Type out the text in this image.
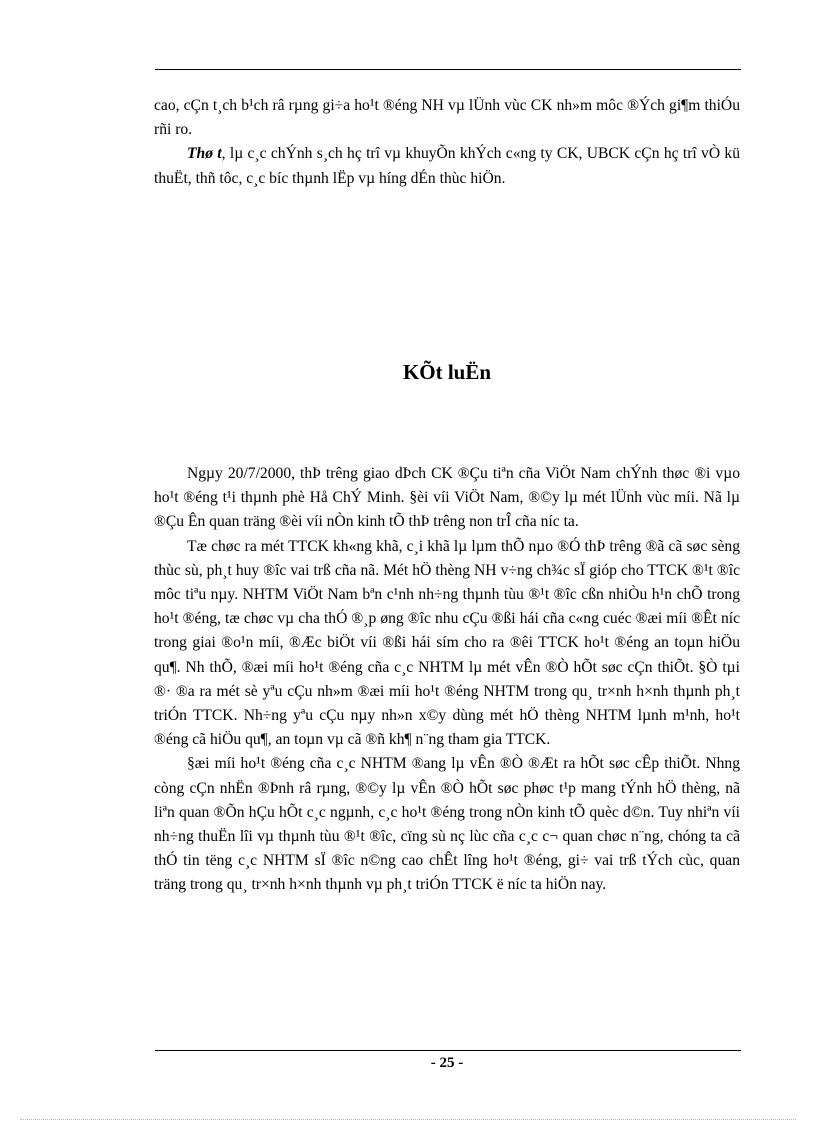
cao, cÇn t¸ch b¹ch râ rµng gi÷a ho¹t ®éng NH vµ lÜnh vùc CK nh»m môc ®Ých gi¶m thiÓu rñi ro.

Thø t, lµ c¸c chÝnh s¸ch hç trî vµ khuyÕn khÝch c«ng ty CK, UBCK cÇn hç trî vÒ kü thuËt, thñ tôc, c¸c bíc thµnh lËp vµ híng dÉn thùc hiÖn.

KÕt luËn

Ngµy 20/7/2000, thÞ trêng giao dÞch CK ®Çu tiªn cña ViÖt Nam chÝnh thøc ®i vµo ho¹t ®éng t¹i thµnh phè Hå ChÝ Minh. §èi víi ViÖt Nam, ®©y lµ mét lÜnh vùc míi. Nã lµ ®Çu Ên quan träng ®èi víi nÒn kinh tÕ thÞ trêng non trÎ cña níc ta.

Tæ chøc ra mét TTCK kh«ng khã, c¸i khã lµ lµm thÕ nµo ®Ó thÞ trêng ®ã cã søc sèng thùc sù, ph¸t huy ®îc vai trß cña nã. Mét hÖ thèng NH v÷ng ch¾c sÏ gióp cho TTCK ®¹t ®îc môc tiªu nµy. NHTM ViÖt Nam bªn c¹nh nh÷ng thµnh tùu ®¹t ®îc cßn nhiÒu h¹n chÕ trong ho¹t ®éng, tæ chøc vµ cha thÓ ®¸p øng ®îc nhu cÇu ®ßi hái cña c«ng cuéc ®æi míi ®Êt níc trong giai ®o¹n míi, ®Æc biÖt víi ®ßi hái sím cho ra ®êi TTCK ho¹t ®éng an toµn hiÖu qu¶. Nh thÕ, ®æi míi ho¹t ®éng cña c¸c NHTM lµ mét vÊn ®Ò hÕt søc cÇn thiÕt. §Ò tµi ®· ®a ra mét sè yªu cÇu nh»m ®æi míi ho¹t ®éng NHTM trong qu¸ tr×nh h×nh thµnh ph¸t triÓn TTCK. Nh÷ng yªu cÇu nµy nh»n x©y dùng mét hÖ thèng NHTM lµnh m¹nh, ho¹t ®éng cã hiÖu qu¶, an toµn vµ cã ®ñ kh¶ n¨ng tham gia TTCK.

§æi míi ho¹t ®éng cña c¸c NHTM ®ang lµ vÊn ®Ò ®Æt ra hÕt søc cÊp thiÕt. Nhng còng cÇn nhËn ®Þnh râ rµng, ®©y lµ vÊn ®Ò hÕt søc phøc t¹p mang tÝnh hÖ thèng, nã liªn quan ®Õn hÇu hÕt c¸c ngµnh, c¸c ho¹t ®éng trong nÒn kinh tÕ quèc d©n. Tuy nhiªn víi nh÷ng thuËn lîi vµ thµnh tùu ®¹t ®îc, cïng sù nç lùc cña c¸c c¬ quan chøc n¨ng, chóng ta cã thÓ tin tëng c¸c NHTM sÏ ®îc n©ng cao chÊt lîng ho¹t ®éng, gi÷ vai trß tÝch cùc, quan träng trong qu¸ tr×nh h×nh thµnh vµ ph¸t triÓn TTCK ë níc ta hiÖn nay.

- 25 -
